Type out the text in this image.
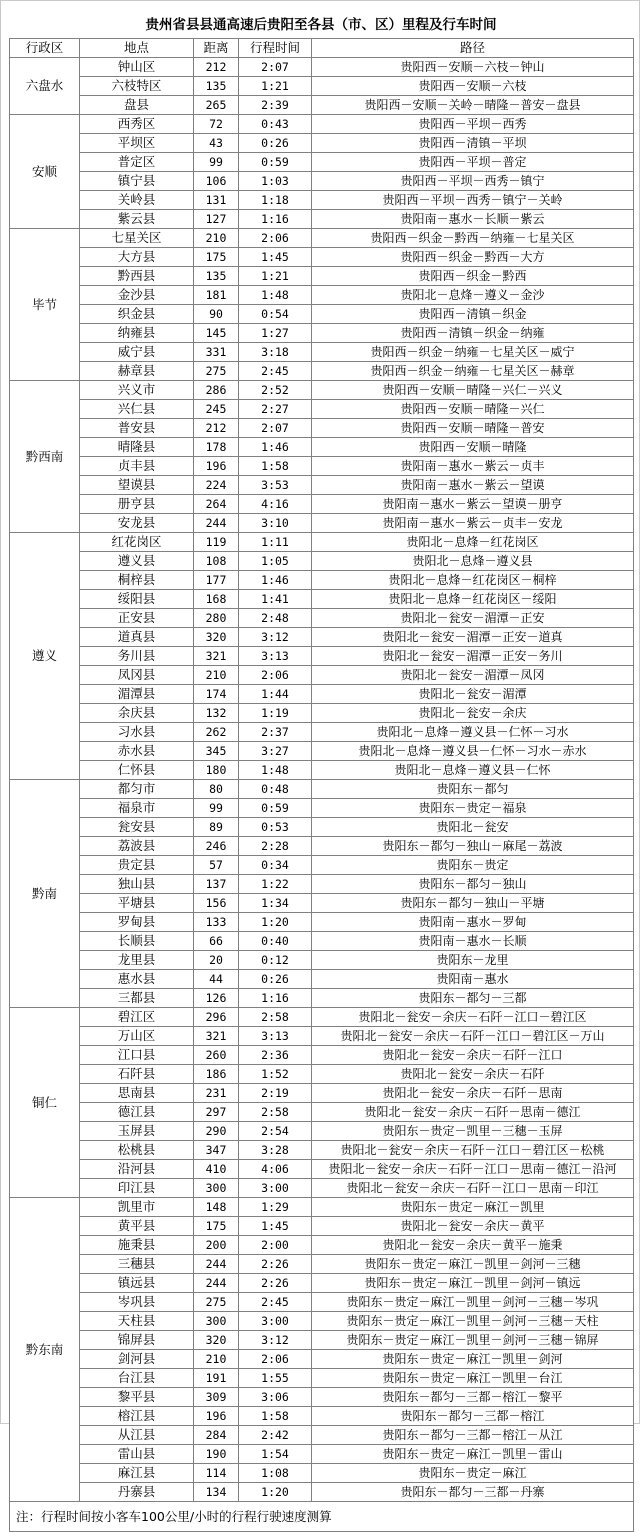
贵州省县县通高速后贵阳至各县（市、区）里程及行车时间
行政区	地点	距离	行程时间	路径
六盘水	钟山区	212	2:07	贵阳西－安顺－六枝－钟山
	六枝特区	135	1:21	贵阳西－安顺－六枝
	盘县	265	2:39	贵阳西－安顺－关岭－晴隆－普安－盘县
安顺	西秀区	72	0:43	贵阳西－平坝－西秀
	平坝区	43	0:26	贵阳西－清镇－平坝
	普定区	99	0:59	贵阳西－平坝－普定
	镇宁县	106	1:03	贵阳西－平坝－西秀－镇宁
	关岭县	131	1:18	贵阳西－平坝－西秀－镇宁－关岭
	紫云县	127	1:16	贵阳南－惠水－长顺－紫云
毕节	七星关区	210	2:06	贵阳西－织金－黔西－纳雍－七星关区
	大方县	175	1:45	贵阳西－织金－黔西－大方
	黔西县	135	1:21	贵阳西－织金－黔西
	金沙县	181	1:48	贵阳北－息烽－遵义－金沙
	织金县	90	0:54	贵阳西－清镇－织金
	纳雍县	145	1:27	贵阳西－清镇－织金－纳雍
	威宁县	331	3:18	贵阳西－织金－纳雍－七星关区－威宁
	赫章县	275	2:45	贵阳西－织金－纳雍－七星关区－赫章
黔西南	兴义市	286	2:52	贵阳西－安顺－晴隆－兴仁－兴义
	兴仁县	245	2:27	贵阳西－安顺－晴隆－兴仁
	普安县	212	2:07	贵阳西－安顺－晴隆－普安
	晴隆县	178	1:46	贵阳西－安顺－晴隆
	贞丰县	196	1:58	贵阳南－惠水－紫云－贞丰
	望谟县	224	3:53	贵阳南－惠水－紫云－望谟
	册亨县	264	4:16	贵阳南－惠水－紫云－望谟－册亨
	安龙县	244	3:10	贵阳南－惠水－紫云－贞丰－安龙
遵义	红花岗区	119	1:11	贵阳北－息烽－红花岗区
	遵义县	108	1:05	贵阳北－息烽－遵义县
	桐梓县	177	1:46	贵阳北－息烽－红花岗区－桐梓
	绥阳县	168	1:41	贵阳北－息烽－红花岗区－绥阳
	正安县	280	2:48	贵阳北－瓮安－湄潭－正安
	道真县	320	3:12	贵阳北－瓮安－湄潭－正安－道真
	务川县	321	3:13	贵阳北－瓮安－湄潭－正安－务川
	凤冈县	210	2:06	贵阳北－瓮安－湄潭－凤冈
	湄潭县	174	1:44	贵阳北－瓮安－湄潭
	余庆县	132	1:19	贵阳北－瓮安－余庆
	习水县	262	2:37	贵阳北－息烽－遵义县－仁怀－习水
	赤水县	345	3:27	贵阳北－息烽－遵义县－仁怀－习水－赤水
	仁怀县	180	1:48	贵阳北－息烽－遵义县－仁怀
黔南	都匀市	80	0:48	贵阳东－都匀
	福泉市	99	0:59	贵阳东－贵定－福泉
	瓮安县	89	0:53	贵阳北－瓮安
	荔波县	246	2:28	贵阳东－都匀－独山－麻尾－荔波
	贵定县	57	0:34	贵阳东－贵定
	独山县	137	1:22	贵阳东－都匀－独山
	平塘县	156	1:34	贵阳东－都匀－独山－平塘
	罗甸县	133	1:20	贵阳南－惠水－罗甸
	长顺县	66	0:40	贵阳南－惠水－长顺
	龙里县	20	0:12	贵阳东－龙里
	惠水县	44	0:26	贵阳南－惠水
	三都县	126	1:16	贵阳东－都匀－三都
铜仁	碧江区	296	2:58	贵阳北－瓮安－余庆－石阡－江口－碧江区
	万山区	321	3:13	贵阳北－瓮安－余庆－石阡－江口－碧江区－万山
	江口县	260	2:36	贵阳北－瓮安－余庆－石阡－江口
	石阡县	186	1:52	贵阳北－瓮安－余庆－石阡
	思南县	231	2:19	贵阳北－瓮安－余庆－石阡－思南
	德江县	297	2:58	贵阳北－瓮安－余庆－石阡－思南－德江
	玉屏县	290	2:54	贵阳东－贵定－凯里－三穗－玉屏
	松桃县	347	3:28	贵阳北－瓮安－余庆－石阡－江口－碧江区－松桃
	沿河县	410	4:06	贵阳北－瓮安－余庆－石阡－江口－思南－德江－沿河
	印江县	300	3:00	贵阳北－瓮安－余庆－石阡－江口－思南－印江
黔东南	凯里市	148	1:29	贵阳东－贵定－麻江－凯里
	黄平县	175	1:45	贵阳北－瓮安－余庆－黄平
	施秉县	200	2:00	贵阳北－瓮安－余庆－黄平－施秉
	三穗县	244	2:26	贵阳东－贵定－麻江－凯里－剑河－三穗
	镇远县	244	2:26	贵阳东－贵定－麻江－凯里－剑河－镇远
	岑巩县	275	2:45	贵阳东－贵定－麻江－凯里－剑河－三穗－岑巩
	天柱县	300	3:00	贵阳东－贵定－麻江－凯里－剑河－三穗－天柱
	锦屏县	320	3:12	贵阳东－贵定－麻江－凯里－剑河－三穗－锦屏
	剑河县	210	2:06	贵阳东－贵定－麻江－凯里－剑河
	台江县	191	1:55	贵阳东－贵定－麻江－凯里－台江
	黎平县	309	3:06	贵阳东－都匀－三都－榕江－黎平
	榕江县	196	1:58	贵阳东－都匀－三都－榕江
	从江县	284	2:42	贵阳东－都匀－三都－榕江－从江
	雷山县	190	1:54	贵阳东－贵定－麻江－凯里－雷山
	麻江县	114	1:08	贵阳东－贵定－麻江
	丹寨县	134	1:20	贵阳东－都匀－三都－丹寨
注：行程时间按小客车100公里/小时的行程行驶速度测算				
